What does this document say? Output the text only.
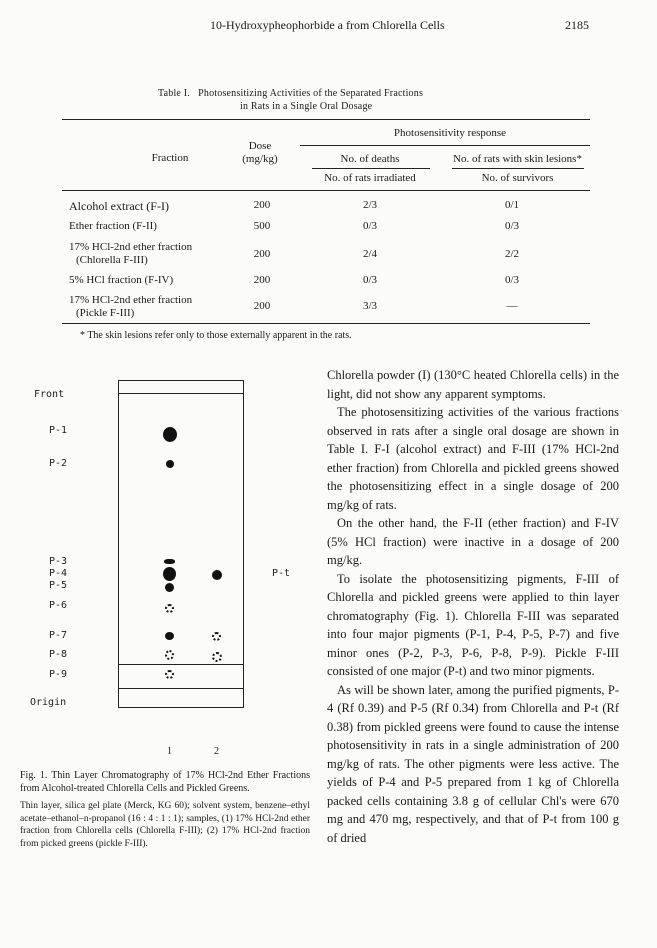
10-Hydroxypheophorbide a from Chlorella Cells	2185
Table I. Photosensitizing Activities of the Separated Fractions
in Rats in a Single Oral Dosage
Photosensitivity response
Fraction
Dose
(mg/kg)	No. of deaths
No. of rats irradiated
No. of rats with skin lesions*
No. of survivors
Alcohol extract (F-I)	200	2/3	0/1
Ether fraction (F-II)	500	0/3	0/3
17% HCl-2nd ether fraction
(Chlorella F-III)	200	2/4	2/2
5% HCl fraction (F-IV)	200	0/3	0/3
17% HCl-2nd ether fraction
(Pickle F-III)
200	3/3	—
* The skin lesions refer only to those externally apparent in the rats.
Front
P-1
P-2
P-3
P-4
P-5
P-6
P-7
P-8
P-9
Origin
P-t
1	2
Fig. 1. Thin Layer Chromatography of 17% HCl-2nd Ether Fractions from Alcohol-treated Chlorella Cells and Pickled Greens.
Thin layer, silica gel plate (Merck, KG 60); solvent system, benzene–ethyl acetate–ethanol–n-propanol (16 : 4 : 1 : 1); samples, (1) 17% HCl-2nd ether fraction from Chlorella cells (Chlorella F-III); (2) 17% HCl-2nd fraction from picked greens (pickle F-III).

Chlorella powder (I) (130°C heated Chlorella cells) in the light, did not show any apparent symptoms.

The photosensitizing activities of the various fractions observed in rats after a single oral dosage are shown in Table I. F-I (alcohol extract) and F-III (17% HCl-2nd ether fraction) from Chlorella and pickled greens showed the photosensitizing effect in a single dosage of 200 mg/kg of rats.

On the other hand, the F-II (ether fraction) and F-IV (5% HCl fraction) were inactive in a dosage of 200 mg/kg.

To isolate the photosensitizing pigments, F-III of Chlorella and pickled greens were applied to thin layer chromatography (Fig. 1). Chlorella F-III was separated into four major pigments (P-1, P-4, P-5, P-7) and five minor ones (P-2, P-3, P-6, P-8, P-9). Pickle F-III consisted of one major (P-t) and two minor pigments.

As will be shown later, among the purified pigments, P-4 (Rf 0.39) and P-5 (Rf 0.34) from Chlorella and P-t (Rf 0.38) from pickled greens were found to cause the intense photosensitivity in rats in a single administration of 200 mg/kg of rats. The other pigments were less active. The yields of P-4 and P-5 prepared from 1 kg of Chlorella packed cells containing 3.8 g of cellular Chl's were 670 mg and 470 mg, respectively, and that of P-t from 100 g of dried
